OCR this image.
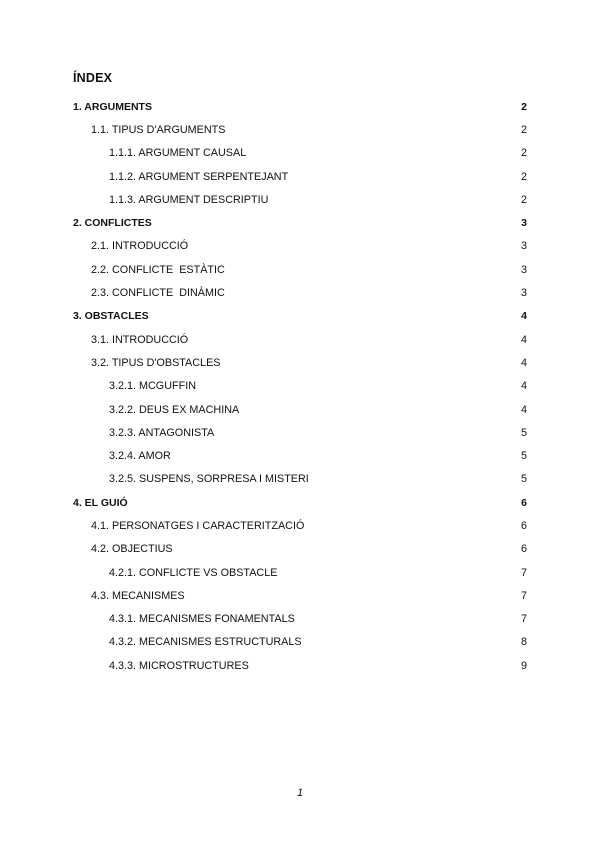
ÍNDEX
1. ARGUMENTS	2
1.1. TIPUS D'ARGUMENTS	2
1.1.1. ARGUMENT CAUSAL	2
1.1.2. ARGUMENT SERPENTEJANT	2
1.1.3. ARGUMENT DESCRIPTIU	2
2. CONFLICTES	3
2.1. INTRODUCCIÓ	3
2.2. CONFLICTE  ESTÀTIC	3
2.3. CONFLICTE  DINÀMIC	3
3. OBSTACLES	4
3.1. INTRODUCCIÓ	4
3.2. TIPUS D'OBSTACLES	4
3.2.1. MCGUFFIN	4
3.2.2. DEUS EX MACHINA	4
3.2.3. ANTAGONISTA	5
3.2.4. AMOR	5
3.2.5. SUSPENS, SORPRESA I MISTERI	5
4. EL GUIÓ	6
4.1. PERSONATGES I CARACTERITZACIÓ	6
4.2. OBJECTIUS	6
4.2.1. CONFLICTE VS OBSTACLE	7
4.3. MECANISMES	7
4.3.1. MECANISMES FONAMENTALS	7
4.3.2. MECANISMES ESTRUCTURALS	8
4.3.3. MICROSTRUCTURES	9
1
